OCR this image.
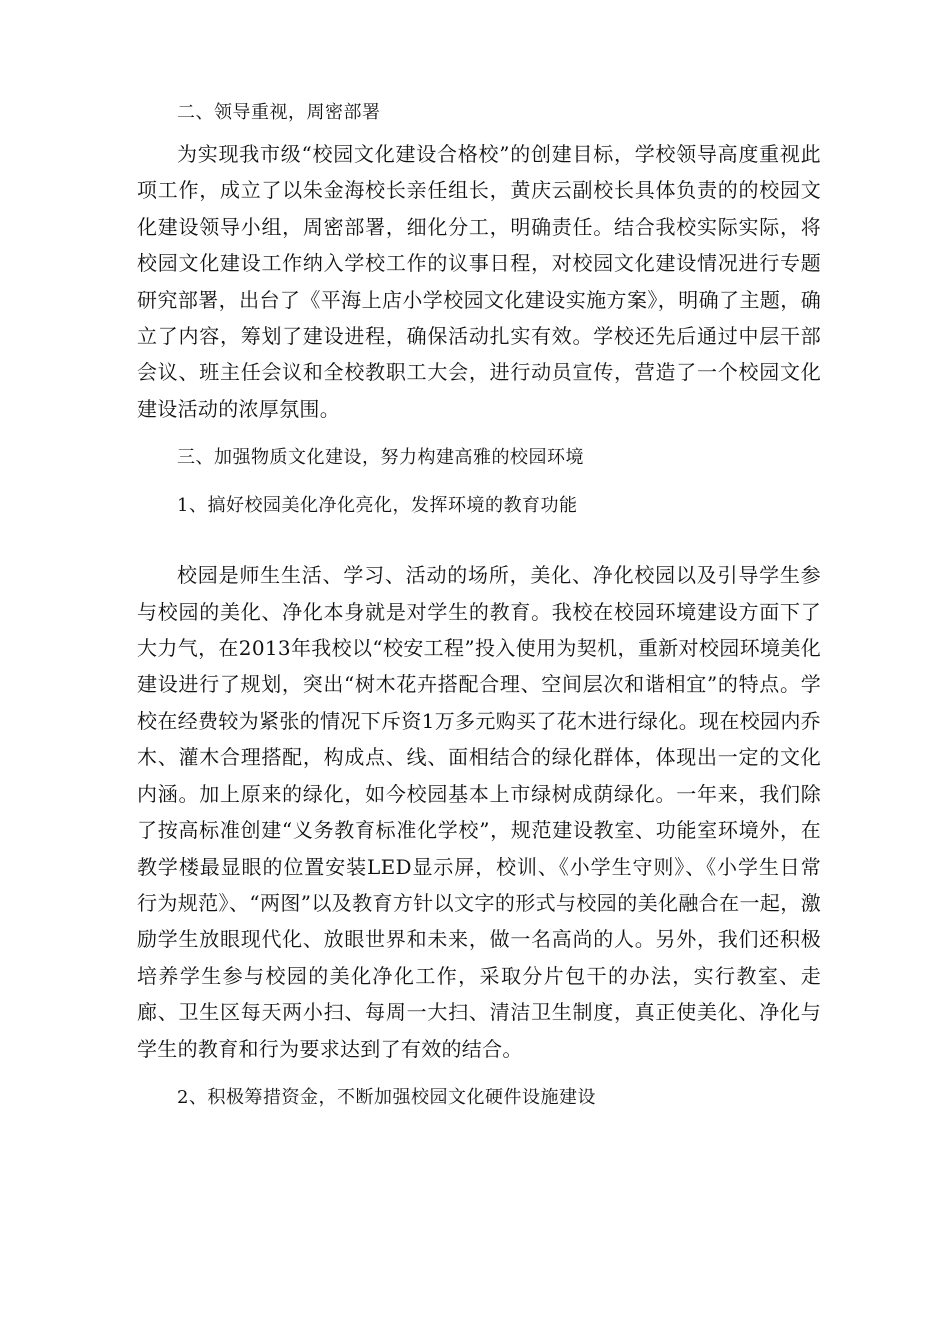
二、领导重视，周密部署

为实现我市级“校园文化建设合格校”的创建目标，学校领导高度重视此项工作，成立了以朱金海校长亲任组长，黄庆云副校长具体负责的的校园文化建设领导小组，周密部署，细化分工，明确责任。结合我校实际实际，将校园文化建设工作纳入学校工作的议事日程，对校园文化建设情况进行专题研究部署，出台了《平海上店小学校园文化建设实施方案》，明确了主题，确立了内容，筹划了建设进程，确保活动扎实有效。学校还先后通过中层干部会议、班主任会议和全校教职工大会，进行动员宣传，营造了一个校园文化建设活动的浓厚氛围。

三、加强物质文化建设，努力构建高雅的校园环境

1、搞好校园美化净化亮化，发挥环境的教育功能

校园是师生生活、学习、活动的场所，美化、净化校园以及引导学生参与校园的美化、净化本身就是对学生的教育。我校在校园环境建设方面下了大力气，在2013年我校以“校安工程”投入使用为契机，重新对校园环境美化建设进行了规划，突出“树木花卉搭配合理、空间层次和谐相宜”的特点。学校在经费较为紧张的情况下斥资1万多元购买了花木进行绿化。现在校园内乔木、灌木合理搭配，构成点、线、面相结合的绿化群体，体现出一定的文化内涵。加上原来的绿化，如今校园基本上市绿树成荫绿化。一年来，我们除了按高标准创建“义务教育标准化学校”，规范建设教室、功能室环境外，在教学楼最显眼的位置安装LED显示屏，校训、《小学生守则》、《小学生日常行为规范》、“两图”以及教育方针以文字的形式与校园的美化融合在一起，激励学生放眼现代化、放眼世界和未来，做一名高尚的人。另外，我们还积极培养学生参与校园的美化净化工作，采取分片包干的办法，实行教室、走廊、卫生区每天两小扫、每周一大扫、清洁卫生制度，真正使美化、净化与学生的教育和行为要求达到了有效的结合。

2、积极筹措资金，不断加强校园文化硬件设施建设
